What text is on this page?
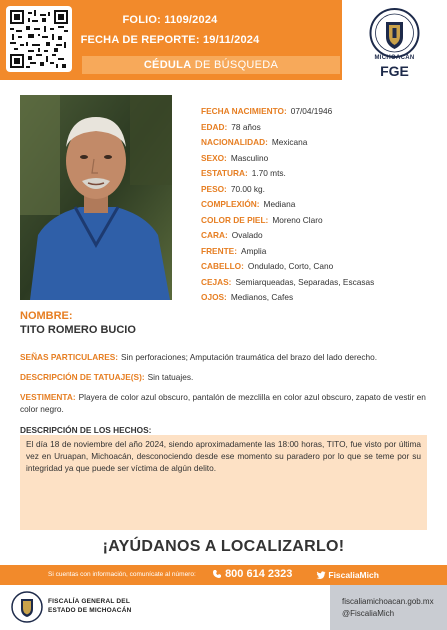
FOLIO: 1109/2024
FECHA DE REPORTE: 19/11/2024
CÉDULA DE BÚSQUEDA
MICHOACÁN
FGE
FECHA NACIMIENTO: 07/04/1946
EDAD: 78 años
NACIONALIDAD: Mexicana
SEXO: Masculino
ESTATURA: 1.70 mts.
PESO: 70.00 kg.
COMPLEXIÓN: Mediana
COLOR DE PIEL: Moreno Claro
CARA: Ovalado
FRENTE: Amplia
CABELLO: Ondulado, Corto, Cano
CEJAS: Semiarqueadas, Separadas, Escasas
OJOS: Medianos, Cafes
NOMBRE:
TITO ROMERO BUCIO
SEÑAS PARTICULARES: Sin perforaciones; Amputación traumática del brazo del lado derecho.
DESCRIPCIÓN DE TATUAJE(S): Sin tatuajes.
VESTIMENTA: Playera de color azul obscuro, pantalón de mezclilla en color azul obscuro, zapato de vestir en color negro.
DESCRIPCIÓN DE LOS HECHOS:
El día 18 de noviembre del año 2024, siendo aproximadamente las 18:00 horas, TITO, fue visto por última vez en Uruapan, Michoacán, desconociendo desde ese momento su paradero por lo que se teme por su integridad ya que puede ser víctima de algún delito.
¡AYÚDANOS A LOCALIZARLO!
Si cuentas con información, comunícate al número:	800 614 2323	FiscaliaMich
FISCALÍA GENERAL DEL
ESTADO DE MICHOACÁN
fiscaliamichoacan.gob.mx
@FiscaliaMich
